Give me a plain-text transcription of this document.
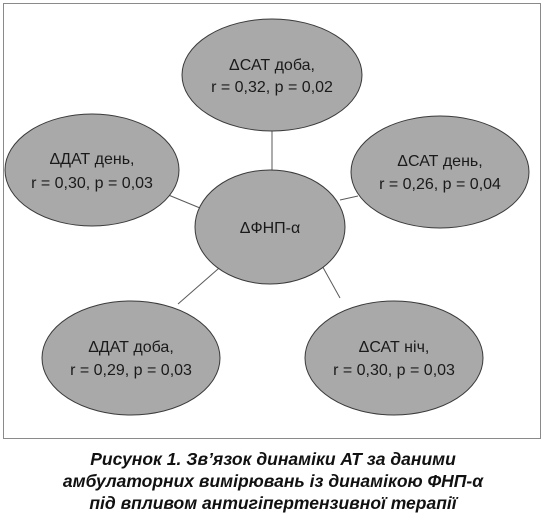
ΔФНП-α
ΔСАТ доба,
r = 0,32, p = 0,02
ΔСАТ день,
r = 0,26, p = 0,04
ΔСАТ ніч,
r = 0,30, p = 0,03
ΔДАТ доба,
r = 0,29, p = 0,03
ΔДАТ день,
r = 0,30, p = 0,03
Рисунок 1. Зв’язок динаміки АТ за даними
амбулаторних вимірювань із динамікою ФНП-α
під впливом антигіпертензивної терапії
